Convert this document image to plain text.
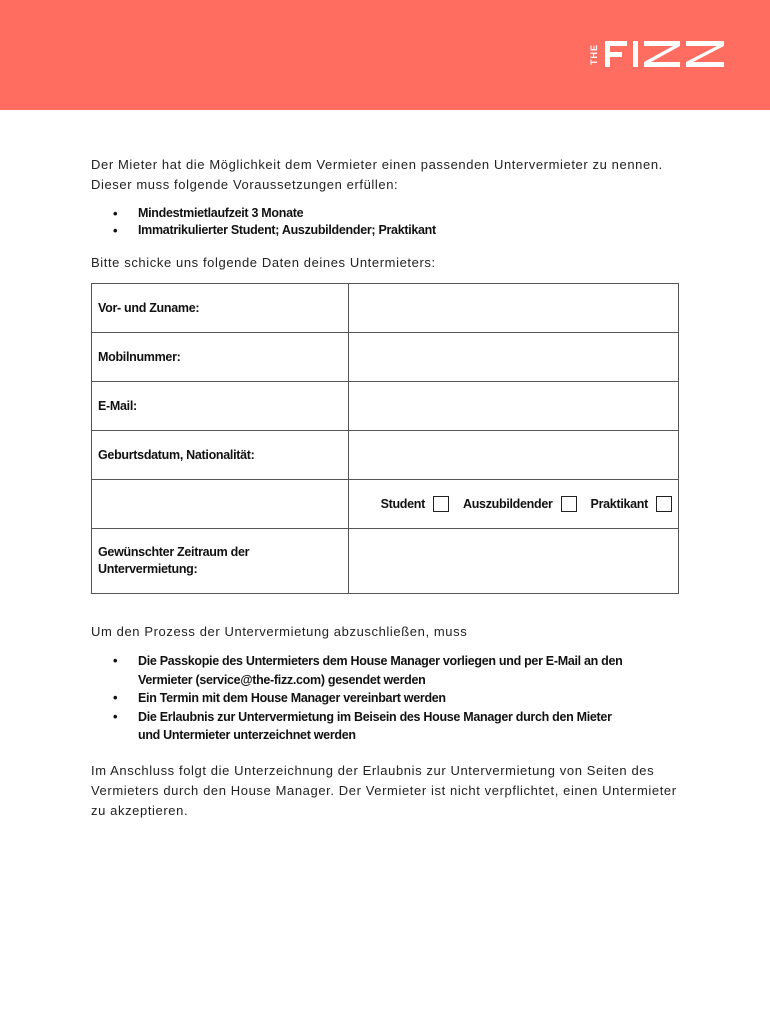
THE

Der Mieter hat die Möglichkeit dem Vermieter einen passenden Untervermieter zu nennen.

Dieser muss folgende Voraussetzungen erfüllen:

• Mindestmietlaufzeit 3 Monate
• Immatrikulierter Student; Auszubildender; Praktikant

Bitte schicke uns folgende Daten deines Untermieters:

Vor- und Zuname:	
Mobilnummer:	
E-Mail:	
Geburtsdatum, Nationalität:	

	Student Auszubildender Praktikant

Gewünschter Zeitraum der
Untervermietung:	

Um den Prozess der Untervermietung abzuschließen, muss

• Die Passkopie des Untermieters dem House Manager vorliegen und per E-Mail an den
Vermieter (service@the-fizz.com) gesendet werden
• Ein Termin mit dem House Manager vereinbart werden
• Die Erlaubnis zur Untervermietung im Beisein des House Manager durch den Mieter
und Untermieter unterzeichnet werden

Im Anschluss folgt die Unterzeichnung der Erlaubnis zur Untervermietung von Seiten des

Vermieters durch den House Manager. Der Vermieter ist nicht verpflichtet, einen Untermieter

zu akzeptieren.
